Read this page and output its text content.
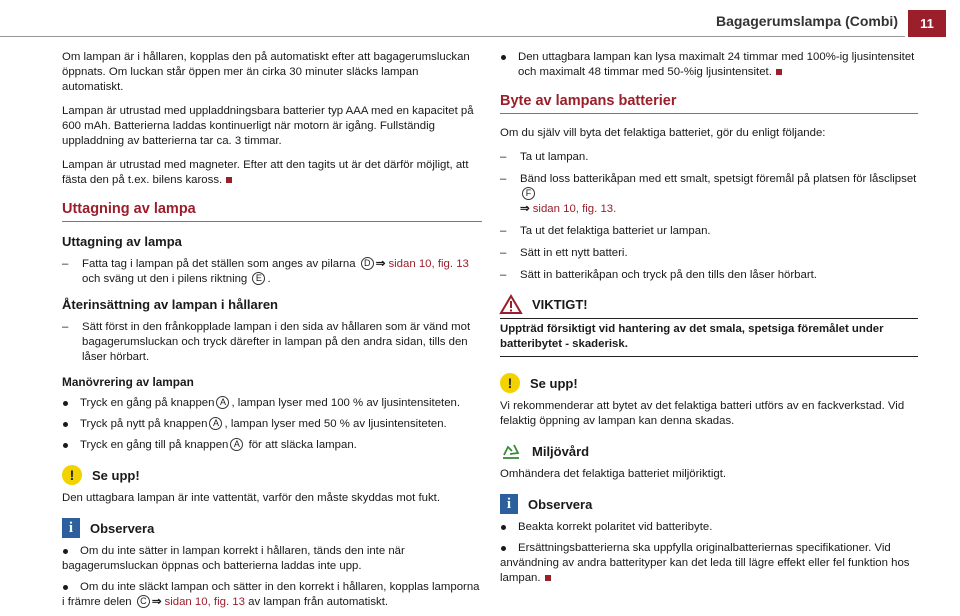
Bagagerumslampa (Combi)	11

Om lampan är i hållaren, kopplas den på automatiskt efter att bagagerumsluckan öppnats. Om luckan står öppen mer än cirka 30 minuter släcks lampan automatiskt.

Lampan är utrustad med uppladdningsbara batterier typ AAA med en kapacitet på 600 mAh. Batterierna laddas kontinuerligt när motorn är igång. Fullständig uppladdning av batterierna tar ca. 3 timmar.

Lampan är utrustad med magneter. Efter att den tagits ut är det därför möjligt, att fästa den på t.ex. bilens kaross.

Uttagning av lampa
Uttagning av lampa
– Fatta tag i lampan på det ställen som anges av pilarna D ⇒ sidan 10, fig. 13 och sväng ut den i pilens riktning E .
Återinsättning av lampan i hållaren
– Sätt först in den frånkopplade lampan i den sida av hållaren som är vänd mot bagagerumsluckan och tryck därefter in lampan på den andra sidan, tills den låser hörbart.
Manövrering av lampan
Tryck en gång på knappen A , lampan lyser med 100 % av ljusintensiteten.
Tryck på nytt på knappen A , lampan lyser med 50 % av ljusintensiteten.
Tryck en gång till på knappen A för att släcka lampan.
!	Se upp!

Den uttagbara lampan är inte vattentät, varför den måste skyddas mot fukt.

i	Observera
Om du inte sätter in lampan korrekt i hållaren, tänds den inte när bagagerumsluckan öppnas och batterierna laddas inte upp.
Om du inte släckt lampan och sätter in den korrekt i hållaren, kopplas lamporna i främre delen C ⇒ sidan 10, fig. 13 av lampan från automatiskt.
Den uttagbara lampan kan lysa maximalt 24 timmar med 100%-ig ljusintensitet och maximalt 48 timmar med 50-%ig ljusintensitet.
Byte av lampans batterier

Om du själv vill byta det felaktiga batteriet, gör du enligt följande:

– Ta ut lampan.
– Bänd loss batterikåpan med ett smalt, spetsigt föremål på platsen för låsclipset F
⇒ sidan 10, fig. 13.
– Ta ut det felaktiga batteriet ur lampan.
– Sätt in ett nytt batteri.
– Sätt in batterikåpan och tryck på den tills den låser hörbart.
VIKTIGT!
Uppträd försiktigt vid hantering av det smala, spetsiga föremålet under batteribytet - skaderisk.
!	Se upp!

Vi rekommenderar att bytet av det felaktiga batteri utförs av en fackverkstad. Vid felaktig öppning av lampan kan denna skadas.

Miljövård

Omhändera det felaktiga batteriet miljöriktigt.

i	Observera
Beakta korrekt polaritet vid batteribyte.
Ersättningsbatterierna ska uppfylla originalbatteriernas specifikationer. Vid användning av andra batterityper kan det leda till lägre effekt eller fel funktion hos lampan.
